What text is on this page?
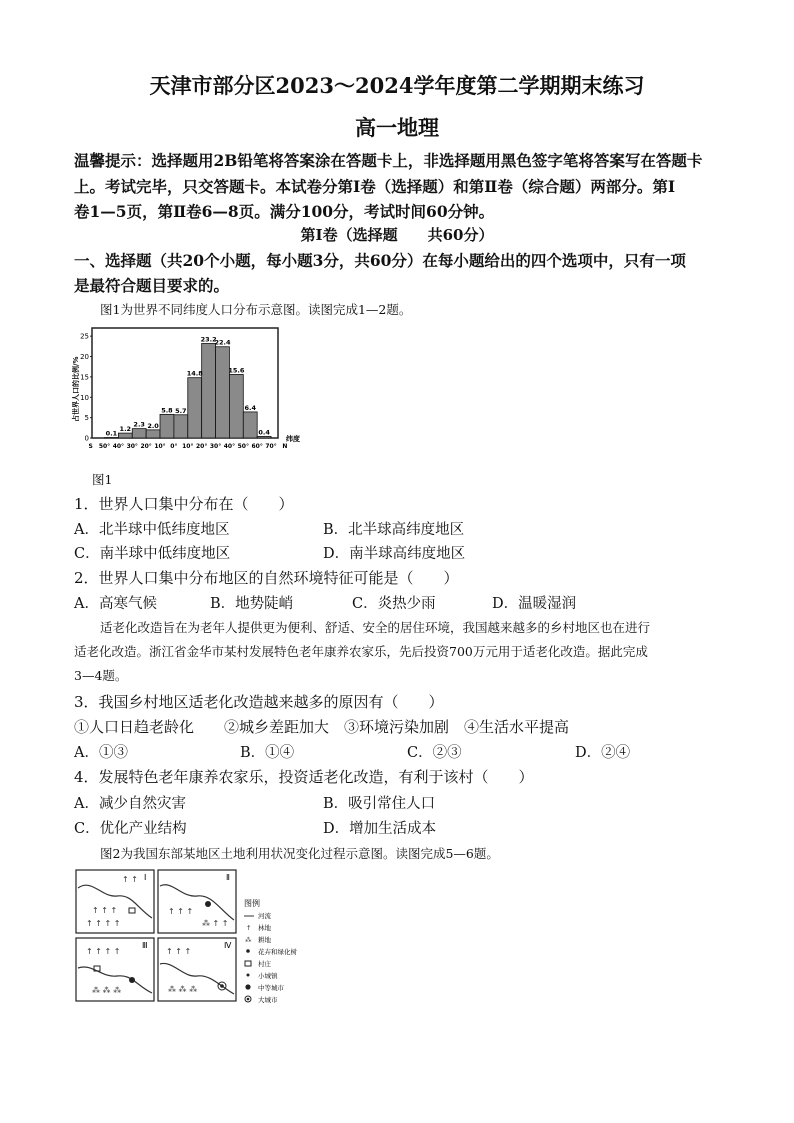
天津市部分区2023～2024学年度第二学期期末练习
高一地理
温馨提示：选择题用2B铅笔将答案涂在答题卡上，非选择题用黑色签字笔将答案写在答题卡
上。考试完毕，只交答题卡。本试卷分第Ⅰ卷（选择题）和第Ⅱ卷（综合题）两部分。第Ⅰ
卷1—5页，第Ⅱ卷6—8页。满分100分，考试时间60分钟。
第Ⅰ卷（选择题　　共60分）
一、选择题（共20个小题，每小题3分，共60分）在每小题给出的四个选项中，只有一项
是最符合题目要求的。
图1为世界不同纬度人口分布示意图。读图完成1—2题。
0
5
10
15
20
25
0.1
1.2
2.3 2.0
5.8 5.7
14.8
23.2
22.4
15.6
6.4
0.4
S 50° 40° 30° 20° 10° 0° 10° 20° 30° 40° 50° 60° 70° N
占世界人口的比例/%
纬度
图1
1．世界人口集中分布在（　　）
A．北半球中低纬度地区	B．北半球高纬度地区
C．南半球中低纬度地区	D．南半球高纬度地区
2．世界人口集中分布地区的自然环境特征可能是（　　）
A．高寒气候	B．地势陡峭	C．炎热少雨	D．温暖湿润
适老化改造旨在为老年人提供更为便利、舒适、安全的居住环境，我国越来越多的乡村地区也在进行
适老化改造。浙江省金华市某村发展特色老年康养农家乐，先后投资700万元用于适老化改造。据此完成
3—4题。
3．我国乡村地区适老化改造越来越多的原因有（　　）
①人口日趋老龄化　　②城乡差距加大　③环境污染加剧　④生活水平提高
A．①③	B．①④	C．②③	D．②④
4．发展特色老年康养农家乐，投资适老化改造，有利于该村（　　）
A．减少自然灾害	B．吸引常住人口
C．优化产业结构	D．增加生活成本
图2为我国东部某地区土地利用状况变化过程示意图。读图完成5—6题。
Ⅰ
↑ ↑ ↑
↑ ↑ ↑ ↑
↑ ↑	Ⅱ
↑ ↑ ↑
⁂ ↑ ↑
Ⅲ
↑ ↑ ↑ ↑
⁂ ⁂ ⁂
Ⅳ
↑ ↑ ↑
⁂ ⁂ ⁂
图例
河流
↑ 林地
⁂ 耕地
花卉和绿化树
村庄
小城镇
中等城市
大城市
